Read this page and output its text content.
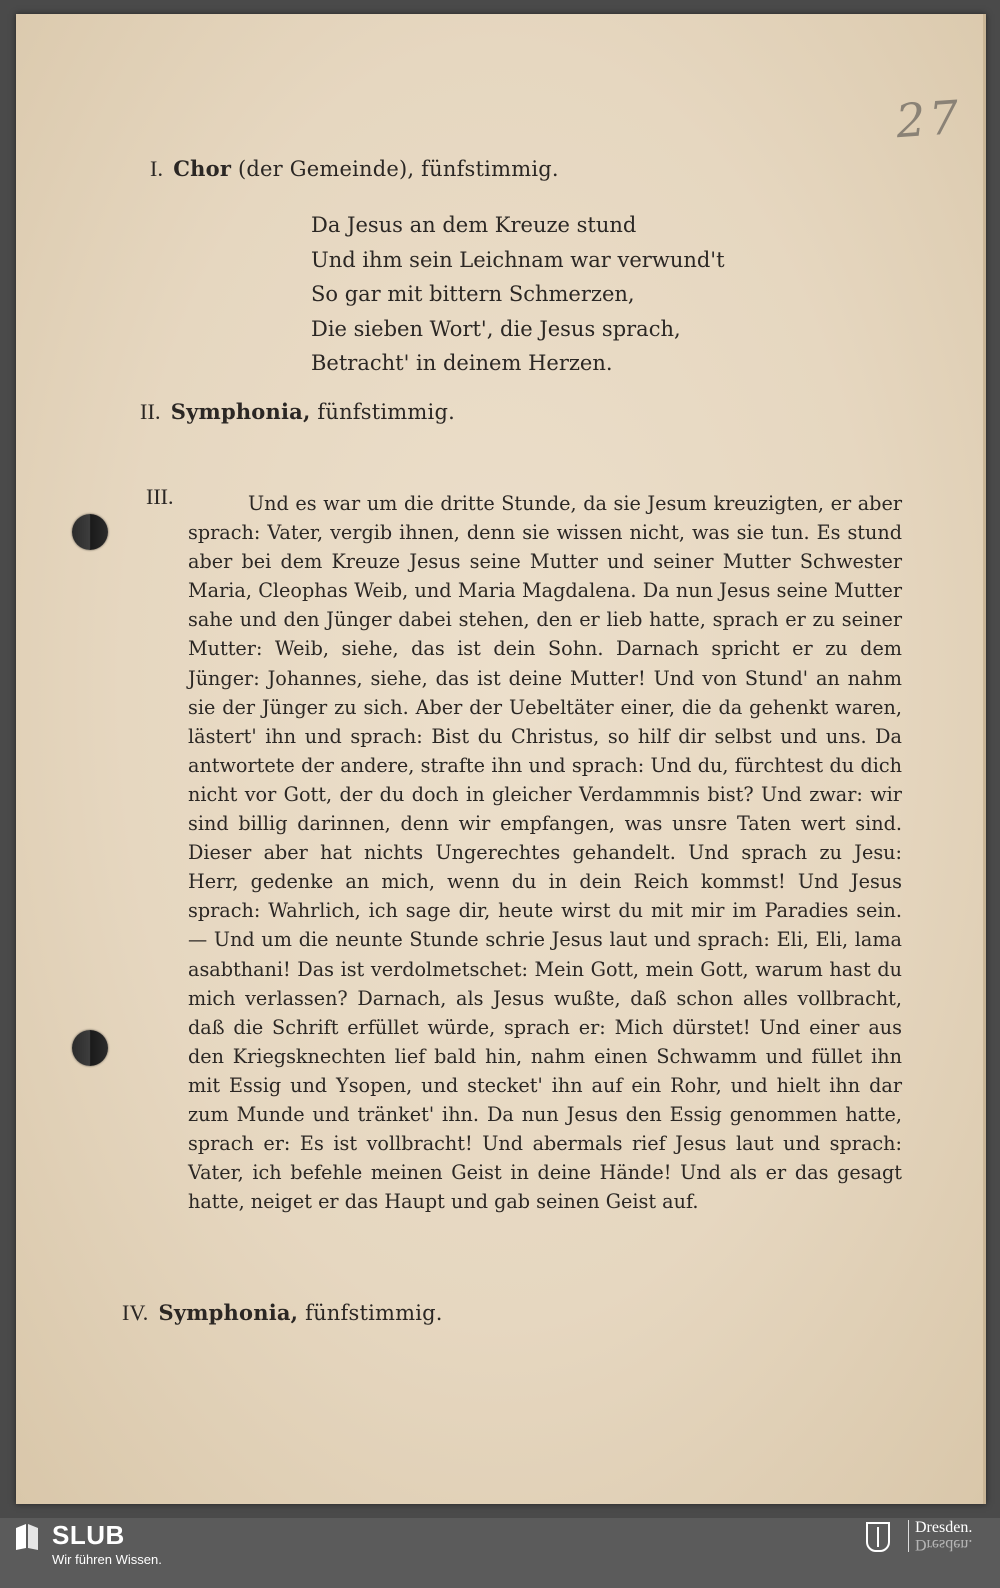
27
I. Chor (der Gemeinde), fünfstimmig.
Da Jesus an dem Kreuze stund
Und ihm sein Leichnam war verwund't
So gar mit bittern Schmerzen,
Die sieben Wort', die Jesus sprach,
Betracht' in deinem Herzen.
II. Symphonia, fünfstimmig.
III.	Und es war um die dritte Stunde, da sie Jesum kreuzigten, er aber sprach: Vater, vergib ihnen, denn sie wissen nicht, was sie tun. Es stund aber bei dem Kreuze Jesus seine Mutter und seiner Mutter Schwester Maria, Cleophas Weib, und Maria Magdalena. Da nun Jesus seine Mutter sahe und den Jünger dabei stehen, den er lieb hatte, sprach er zu seiner Mutter: Weib, siehe, das ist dein Sohn. Darnach spricht er zu dem Jünger: Johannes, siehe, das ist deine Mutter! Und von Stund' an nahm sie der Jünger zu sich. Aber der Uebeltäter einer, die da gehenkt waren, lästert' ihn und sprach: Bist du Christus, so hilf dir selbst und uns. Da antwortete der andere, strafte ihn und sprach: Und du, fürchtest du dich nicht vor Gott, der du doch in gleicher Verdammnis bist? Und zwar: wir sind billig darinnen, denn wir empfangen, was unsre Taten wert sind. Dieser aber hat nichts Ungerechtes gehandelt. Und sprach zu Jesu: Herr, gedenke an mich, wenn du in dein Reich kommst! Und Jesus sprach: Wahrlich, ich sage dir, heute wirst du mit mir im Paradies sein. — Und um die neunte Stunde schrie Jesus laut und sprach: Eli, Eli, lama asabthani! Das ist verdolmetschet: Mein Gott, mein Gott, warum hast du mich verlassen? Darnach, als Jesus wußte, daß schon alles vollbracht, daß die Schrift erfüllet würde, sprach er: Mich dürstet! Und einer aus den Kriegsknechten lief bald hin, nahm einen Schwamm und füllet ihn mit Essig und Ysopen, und stecket' ihn auf ein Rohr, und hielt ihn dar zum Munde und tränket' ihn. Da nun Jesus den Essig genommen hatte, sprach er: Es ist vollbracht! Und abermals rief Jesus laut und sprach: Vater, ich befehle meinen Geist in deine Hände! Und als er das gesagt hatte, neiget er das Haupt und gab seinen Geist auf.
IV. Symphonia, fünfstimmig.
SLUB
Wir führen Wissen.
Dresden.
Dresden.
